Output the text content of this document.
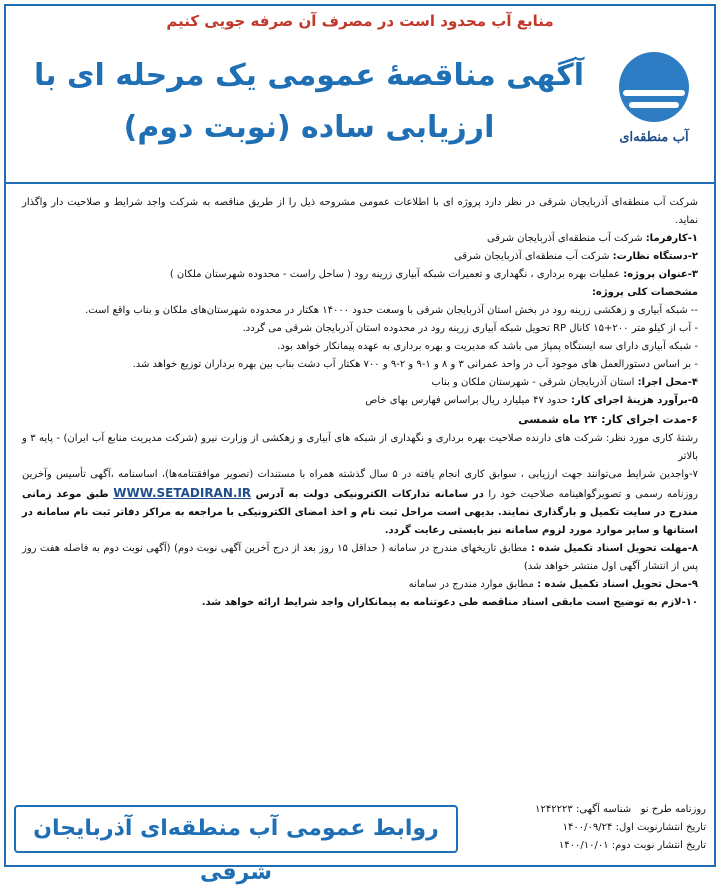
منابع آب محدود است در مصرف آن صرفه جویی کنیم
آگهی مناقصهٔ عمومی یک مرحله ای با
ارزیابی ساده (نوبت دوم)	آب منطقه‌ای

شرکت آب منطقه‌ای آذربایجان شرقی در نظر دارد پروژه ای با اطلاعات عمومی مشروحه ذیل را از طریق مناقصه به شرکت واجد شرایط و صلاحیت دار واگذار نماید.

۱-کارفرما: شرکت آب منطقه‌ای آذربایجان شرقی

۲-دستگاه نظارت: شرکت آب منطقه‌ای آذربایجان شرقی

۳-عنوان پروژه: عملیات بهره برداری ، نگهداری و تعمیرات شبکه آبیاری زرینه رود ( ساحل راست - محدوده شهرستان ملکان )

مشخصات کلی پروژه:

-- شبکه آبیاری و زهکشی زرینه رود در بخش استان آذربایجان شرقی با وسعت حدود ۱۴۰۰۰ هکتار در محدوده شهرستان‌های ملکان و بناب واقع است.

- آب از کیلو متر ۲۰۰+۱۵ کانال RP تحویل شبکه آبیاری زرینه رود در محدوده استان آذربایجان شرقی می گردد.

- شبکه آبیاری دارای سه ایستگاه پمپاژ می باشد که مدیریت و بهره برداری به عهده پیمانکار خواهد بود.

- بر اساس دستورالعمل های موجود آب در واحد عمرانی ۳ و ۸ و ۱-۹ و ۲-۹ و ۷۰۰ هکتار آب دشت بناب بین بهره برداران توزیع خواهد شد.

۴-محل اجرا: استان آذربایجان شرقی - شهرستان ملکان و بناب

۵-برآورد هزینهٔ اجرای کار: حدود ۴۷ میلیارد ریال براساس فهارس بهای خاص

۶-مدت اجرای کار: ۲۴ ماه شمسی

رشتهٔ کاری مورد نظر: شرکت های دارنده صلاحیت بهره برداری و نگهداری از شبکه های آبیاری و زهکشی از وزارت نیرو (شرکت مدیریت منابع آب ایران) - پایه ۳ و بالاتر

۷-واجدین شرایط می‌توانند جهت ارزیابی ، سوابق کاری انجام یافته در ۵ سال گذشته همراه با مستندات (تصویر موافقتنامه‌ها)، اساسنامه ،آگهی تأسیس وآخرین روزنامه رسمی و تصویرگواهینامه صلاحیت خود را در سامانه تدارکات الکترونیکی دولت به آدرس WWW.SETADIRAN.IR طبق موعد زمانی مندرج در سایت تکمیل و بارگذاری نمایند. بدیهی است مراحل ثبت نام و اخذ امضای الکترونیکی با مراجعه به مراکز دفاتر ثبت نام سامانه در استانها و سایر موارد مورد لزوم سامانه نیز بایستی رعایت گردد.

۸-مهلت تحویل اسناد تکمیل شده : مطابق تاریخهای مندرج در سامانه ( حداقل ۱۵ روز بعد از درج آخرین آگهی نوبت دوم) (آگهی نوبت دوم به فاصله هفت روز پس از انتشار آگهی اول منتشر خواهد شد)

۹-محل تحویل اسناد تکمیل شده : مطابق موارد مندرج در سامانه

۱۰-لازم به توضیح است مابقی اسناد مناقصه طی دعوتنامه به پیمانکاران واجد شرایط ارائه خواهد شد.

روزنامه طرح نو   شناسه آگهی: ۱۲۴۲۲۲۳
تاریخ انتشارنوبت اول: ۱۴۰۰/۰۹/۲۴
تاریخ انتشار نوبت دوم: ۱۴۰۰/۱۰/۰۱
روابط عمومی آب منطقه‌ای آذربایجان شرقی
